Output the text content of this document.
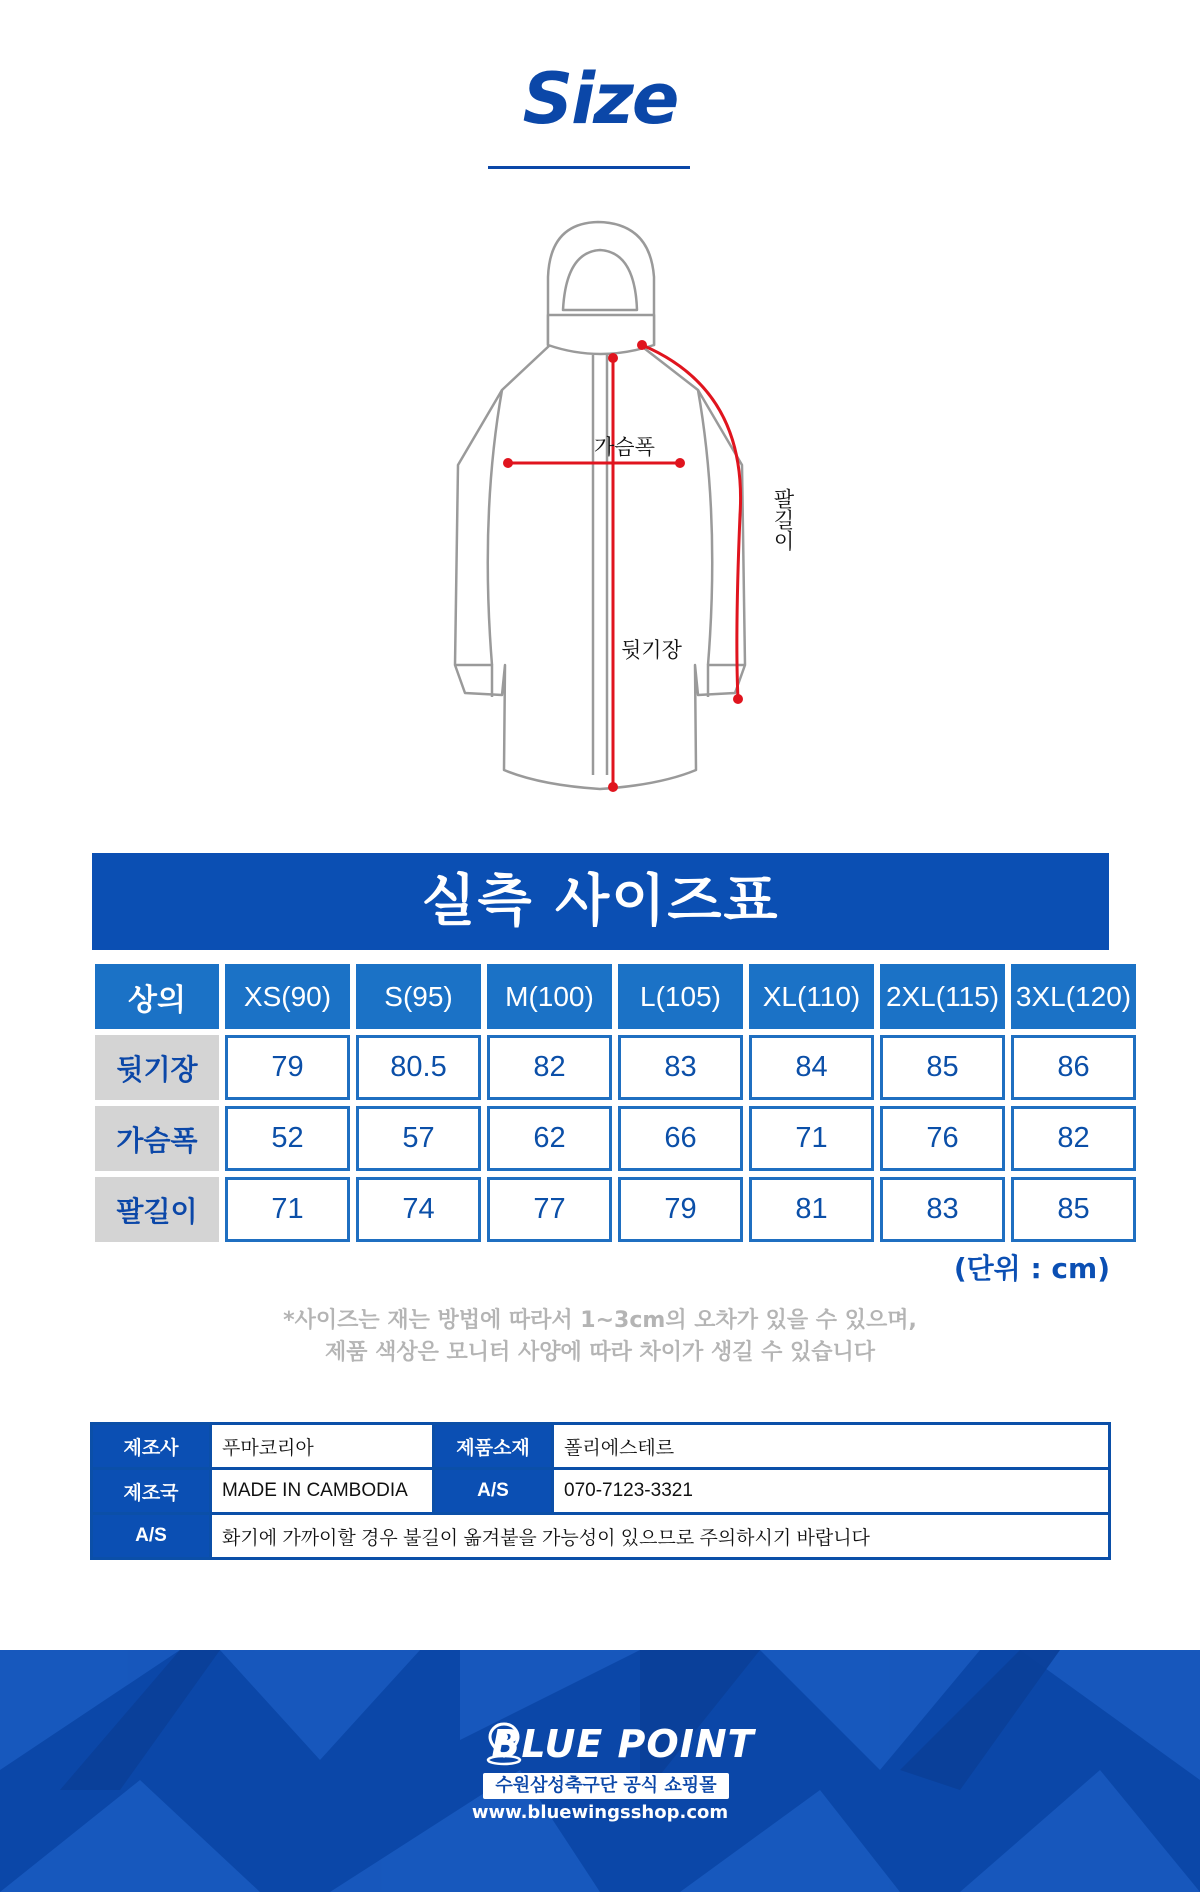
Size
가슴폭
뒷기장
팔길이
실측 사이즈표
상의	XS(90)	S(95)	M(100)	L(105)	XL(110)	2XL(115)	3XL(120)
뒷기장	79	80.5	82	83	84	85	86
가슴폭	52	57	62	66	71	76	82
팔길이	71	74	77	79	81	83	85
(단위 : cm)
*사이즈는 재는 방법에 따라서 1~3cm의 오차가 있을 수 있으며,
제품 색상은 모니터 사양에 따라 차이가 생길 수 있습니다
제조사	푸마코리아	제품소재	폴리에스테르
제조국	MADE IN CAMBODIA	A/S	070-7123-3321
A/S	화기에 가까이할 경우 불길이 옮겨붙을 가능성이 있으므로 주의하시기 바랍니다		
BLUE POINT
수원삼성축구단 공식 쇼핑몰
www.bluewingsshop.com
